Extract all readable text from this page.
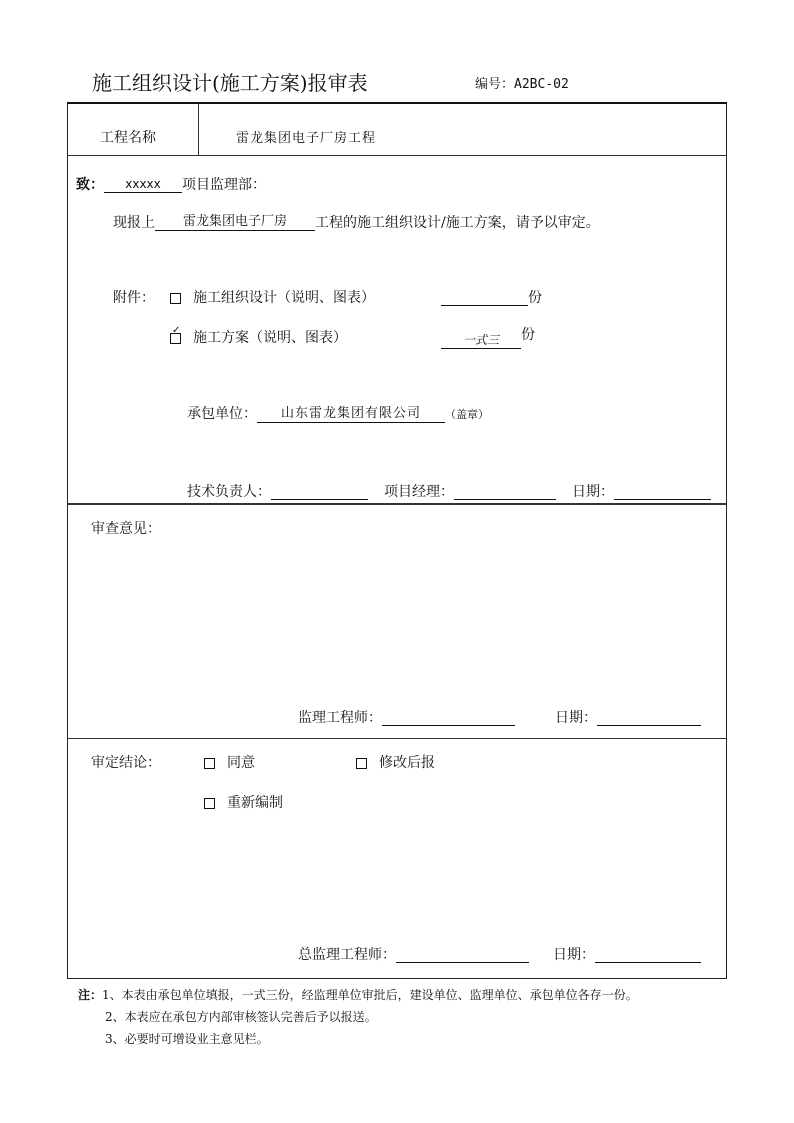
施工组织设计(施工方案)报审表	编号：A2BC-02
工程名称	雷龙集团电子厂房工程
致： xxxxx 项目监理部：
现报上 雷龙集团电子厂房 工程的施工组织设计/施工方案，请予以审定。
附件：	施工组织设计（说明、图表）	份
✓ 施工方案（说明、图表）	一式三 份
承包单位： 山东雷龙集团有限公司 （盖章）
技术负责人：	项目经理：	日期：
审查意见：
监理工程师：	日期：
审定结论：	同意	修改后报
重新编制
总监理工程师：	日期：
注：1、本表由承包单位填报，一式三份，经监理单位审批后，建设单位、监理单位、承包单位各存一份。
2、本表应在承包方内部审核签认完善后予以报送。
3、必要时可增设业主意见栏。
